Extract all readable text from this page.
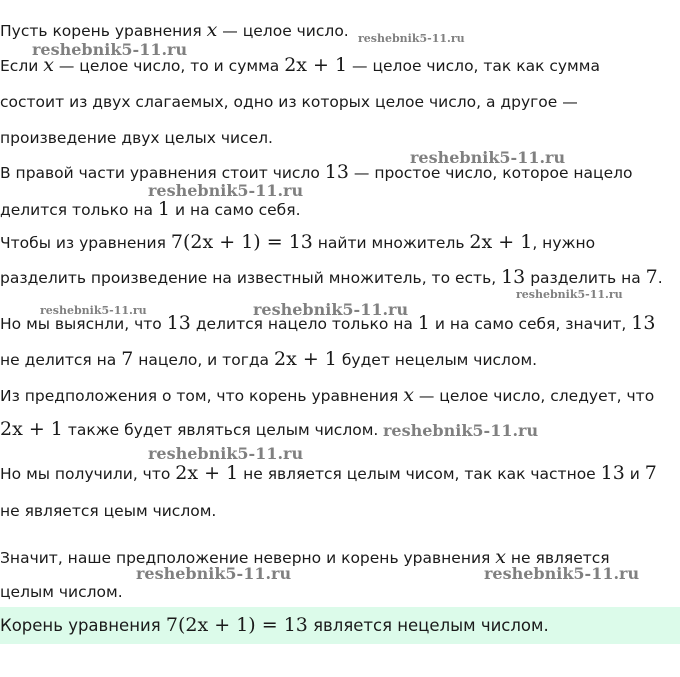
Пусть корень уравнения x — целое число.
Если x — целое число, то и сумма 2x + 1 — целое число, так как сумма
состоит из двух слагаемых, одно из которых целое число, а другое —
произведение двух целых чисел.
В правой части уравнения стоит число 13 — простое число, которое нацело
делится только на 1 и на само себя.
Чтобы из уравнения 7(2x + 1) = 13 найти множитель 2x + 1, нужно
разделить произведение на известный множитель, то есть, 13 разделить на 7.
Но мы выяснли, что 13 делится нацело только на 1 и на само себя, значит, 13
не делится на 7 нацело, и тогда 2x + 1 будет нецелым числом.
Из предположения о том, что корень уравнения x — целое число, следует, что
2x + 1 также будет являться целым числом.
Но мы получили, что 2x + 1 не является целым чисом, так как частное 13 и 7
не является цеым числом.
Значит, наше предположение неверно и корень уравнения x не является
целым числом.
Корень уравнения 7(2x + 1) = 13 является нецелым числом.
reshebnik5-11.ru
reshebnik5-11.ru
reshebnik5-11.ru
reshebnik5-11.ru
reshebnik5-11.ru
reshebnik5-11.ru	reshebnik5-11.ru
reshebnik5-11.ru
reshebnik5-11.ru
reshebnik5-11.ru	reshebnik5-11.ru
